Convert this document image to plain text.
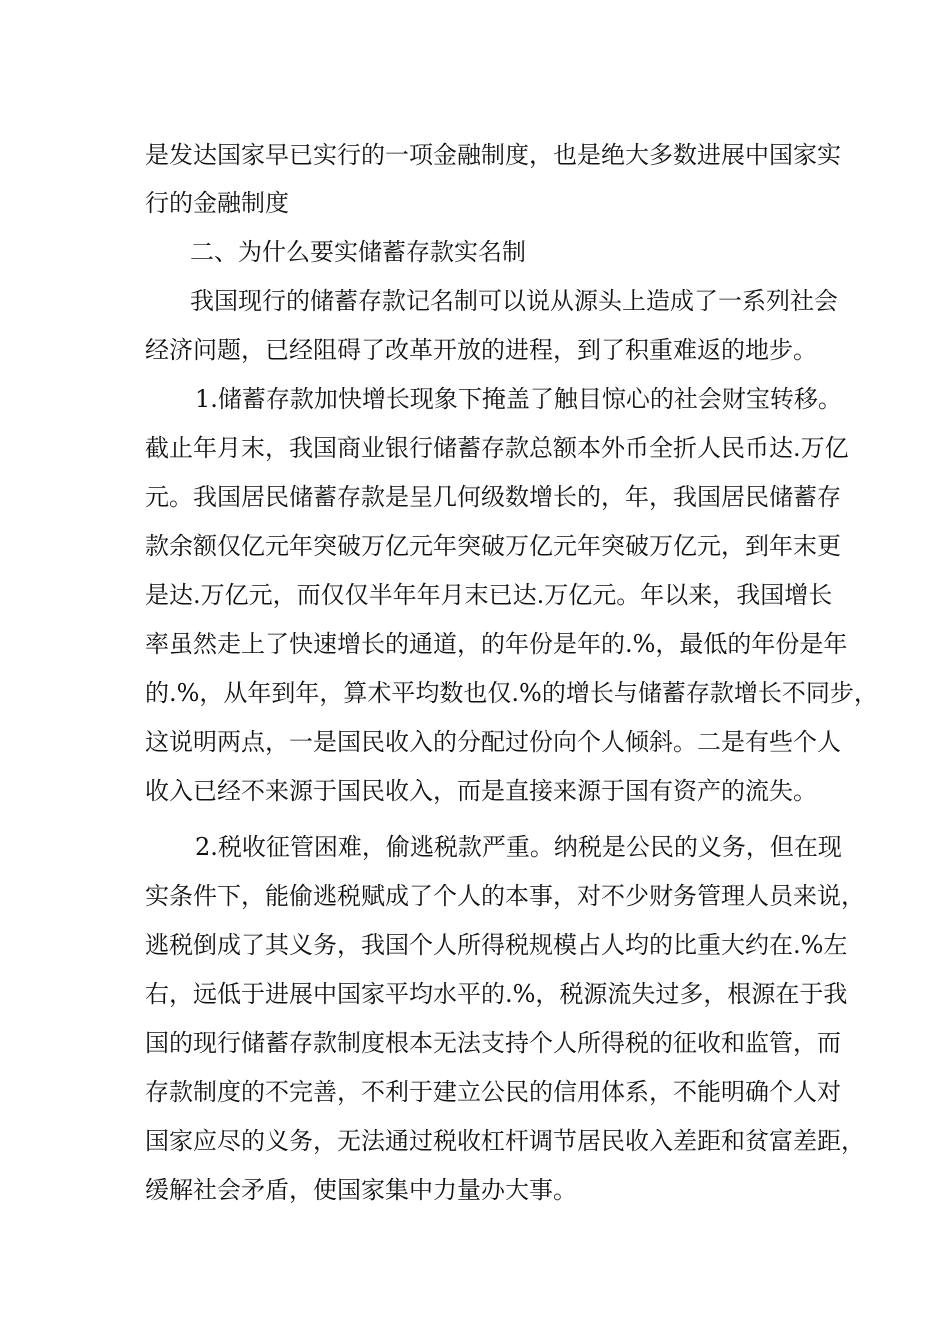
是发达国家早已实行的一项金融制度，也是绝大多数进展中国家实
行的金融制度
二、为什么要实储蓄存款实名制
我国现行的储蓄存款记名制可以说从源头上造成了一系列社会
经济问题，已经阻碍了改革开放的进程，到了积重难返的地步。
1.储蓄存款加快增长现象下掩盖了触目惊心的社会财宝转移。
截止年月末，我国商业银行储蓄存款总额本外币全折人民币达.万亿
元。我国居民储蓄存款是呈几何级数增长的，年，我国居民储蓄存
款余额仅亿元年突破万亿元年突破万亿元年突破万亿元，到年末更
是达.万亿元，而仅仅半年年月末已达.万亿元。年以来，我国增长
率虽然走上了快速增长的通道，的年份是年的.%，最低的年份是年
的.%，从年到年，算术平均数也仅.%的增长与储蓄存款增长不同步，
这说明两点，一是国民收入的分配过份向个人倾斜。二是有些个人
收入已经不来源于国民收入，而是直接来源于国有资产的流失。
2.税收征管困难，偷逃税款严重。纳税是公民的义务，但在现
实条件下，能偷逃税赋成了个人的本事，对不少财务管理人员来说，
逃税倒成了其义务，我国个人所得税规模占人均的比重大约在.%左
右，远低于进展中国家平均水平的.%，税源流失过多，根源在于我
国的现行储蓄存款制度根本无法支持个人所得税的征收和监管，而
存款制度的不完善，不利于建立公民的信用体系，不能明确个人对
国家应尽的义务，无法通过税收杠杆调节居民收入差距和贫富差距，
缓解社会矛盾，使国家集中力量办大事。
